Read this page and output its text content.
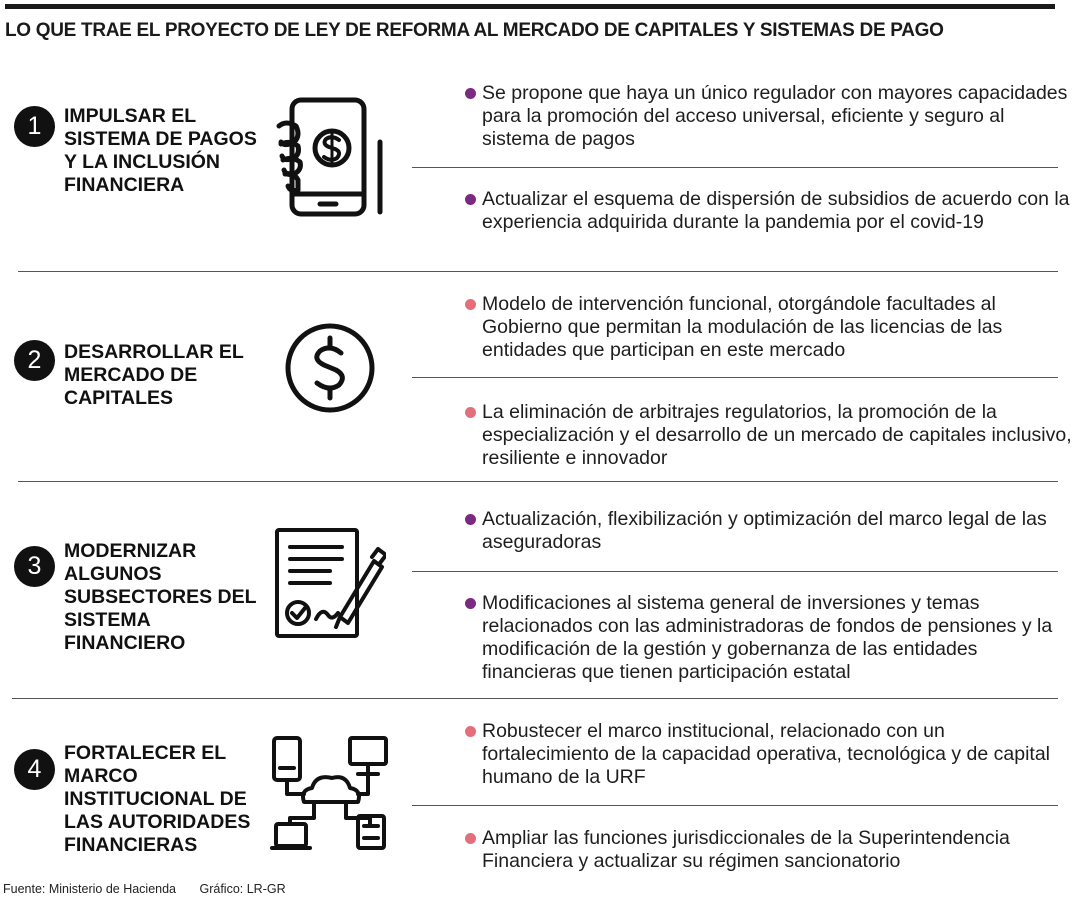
LO QUE TRAE EL PROYECTO DE LEY DE REFORMA AL MERCADO DE CAPITALES Y SISTEMAS DE PAGO
1	IMPULSAR EL SISTEMA DE PAGOS Y LA INCLUSIÓN FINANCIERA
Se propone que haya un único regulador con mayores capacidades para la promoción del acceso universal, eficiente y seguro al sistema de pagos
Actualizar el esquema de dispersión de subsidios de acuerdo con la experiencia adquirida durante la pandemia por el covid-19
2	DESARROLLAR EL MERCADO DE CAPITALES
Modelo de intervención funcional, otorgándole facultades al Gobierno que permitan la modulación de las licencias de las entidades que participan en este mercado
La eliminación de arbitrajes regulatorios, la promoción de la especialización y el desarrollo de un mercado de capitales inclusivo, resiliente e innovador
3
MODERNIZAR ALGUNOS SUBSECTORES DEL SISTEMA FINANCIERO
Actualización, flexibilización y optimización del marco legal de las aseguradoras
Modificaciones al sistema general de inversiones y temas relacionados con las administradoras de fondos de pensiones y la modificación de la gestión y gobernanza de las entidades financieras que tienen participación estatal
4
FORTALECER EL MARCO INSTITUCIONAL DE LAS AUTORIDADES FINANCIERAS
Robustecer el marco institucional, relacionado con un fortalecimiento de la capacidad operativa, tecnológica y de capital humano de la URF
Ampliar las funciones jurisdiccionales de la Superintendencia Financiera y actualizar su régimen sancionatorio
Fuente: Ministerio de Hacienda Gráfico: LR-GR
